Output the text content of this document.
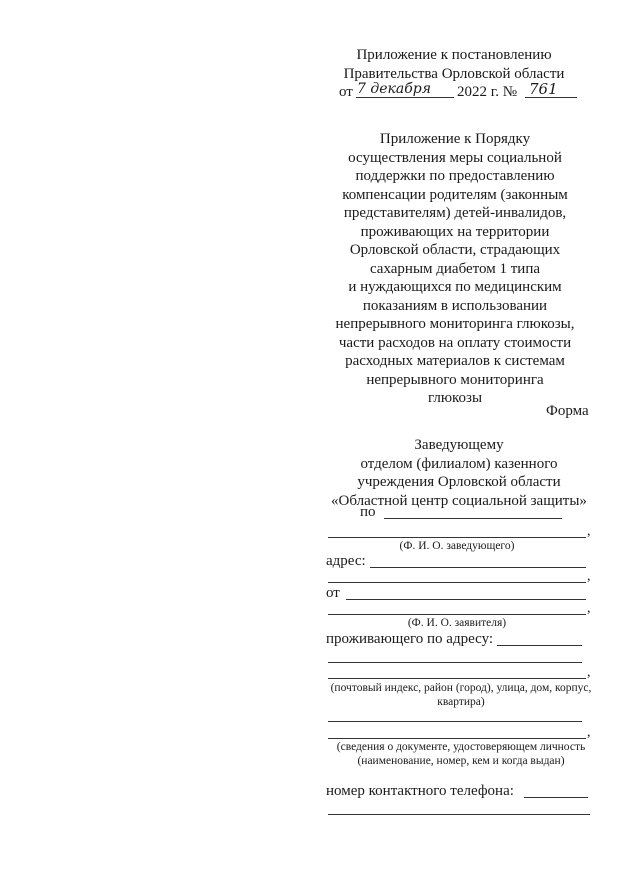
Приложение к постановлению
Правительства Орловской области
от 7 декабря 2022 г. № 761
Приложение к Порядку
осуществления меры социальной
поддержки по предоставлению
компенсации родителям (законным
представителям) детей-инвалидов,
проживающих на территории
Орловской области, страдающих
сахарным диабетом 1 типа
и нуждающихся по медицинским
показаниям в использовании
непрерывного мониторинга глюкозы,
части расходов на оплату стоимости
расходных материалов к системам
непрерывного мониторинга
глюкозы
Форма
Заведующему
отделом (филиалом) казенного
учреждения Орловской области
«Областной центр социальной защиты»
по
,
(Ф. И. О. заведующего)
адрес:
,
от
,
(Ф. И. О. заявителя)
проживающего по адресу:
,
(почтовый индекс, район (город), улица, дом, корпус, квартира)
,
(сведения о документе, удостоверяющем личность
(наименование, номер, кем и когда выдан)
номер контактного телефона:
